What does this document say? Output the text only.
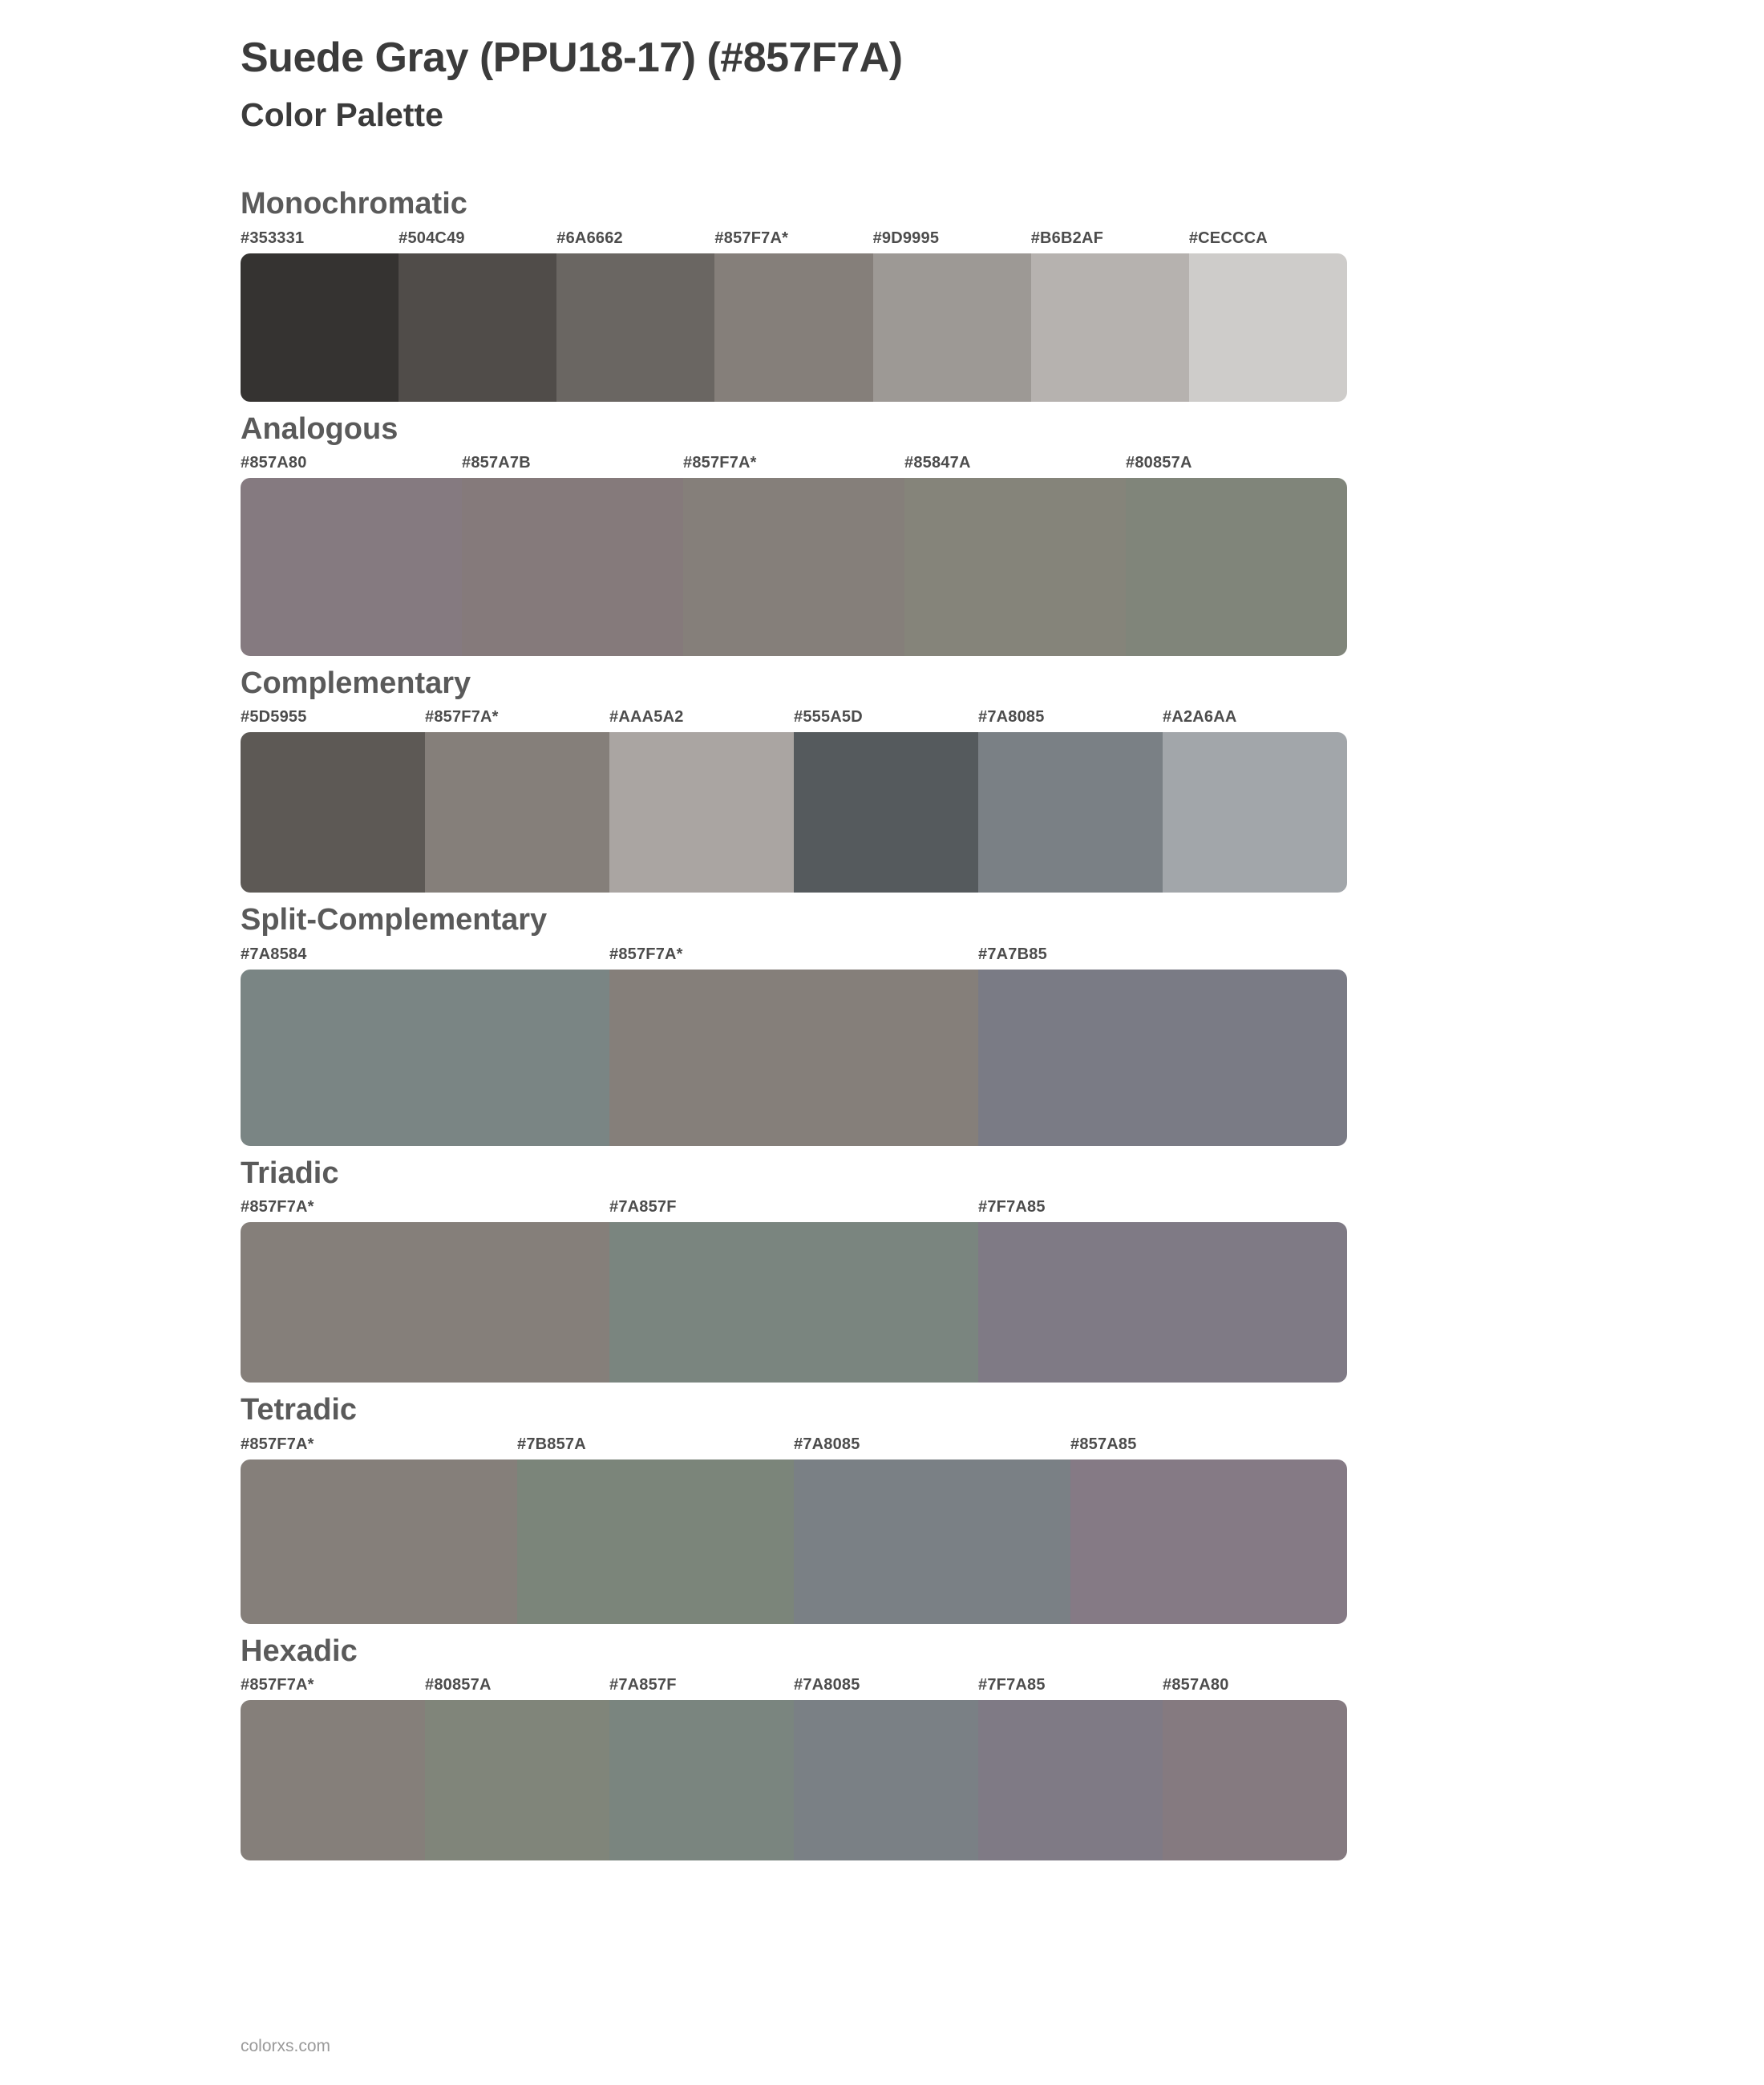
Suede Gray (PPU18-17) (#857F7A)
Color Palette
Monochromatic
#353331	#504C49	#6A6662	#857F7A*	#9D9995	#B6B2AF	#CECCCA
Analogous
#857A80	#857A7B	#857F7A*	#85847A	#80857A
Complementary
#5D5955	#857F7A*	#AAA5A2	#555A5D	#7A8085	#A2A6AA
Split-Complementary
#7A8584	#857F7A*	#7A7B85
Triadic
#857F7A*	#7A857F	#7F7A85
Tetradic
#857F7A*	#7B857A	#7A8085	#857A85
Hexadic
#857F7A*	#80857A	#7A857F	#7A8085	#7F7A85	#857A80
colorxs.com
